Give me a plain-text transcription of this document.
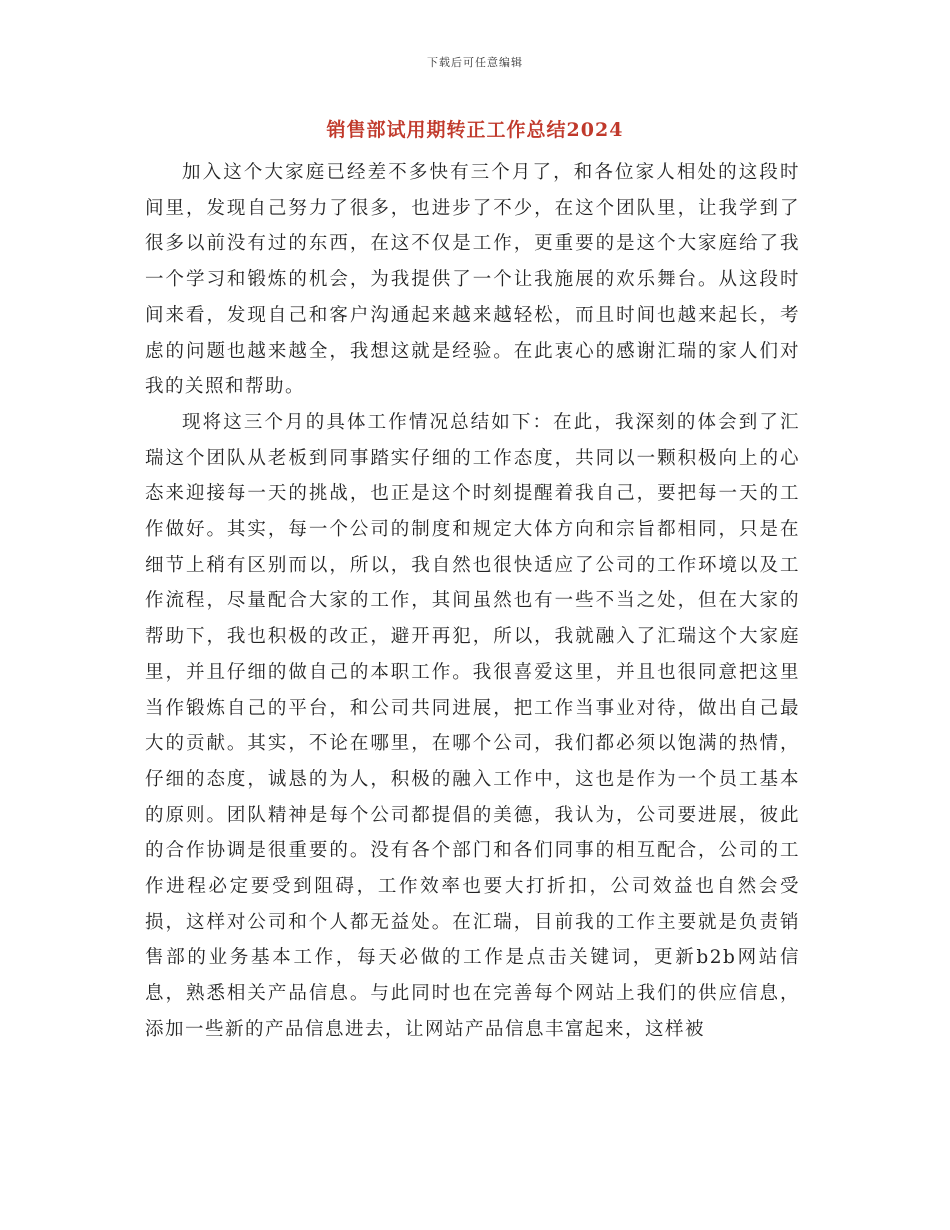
下载后可任意编辑
销售部试用期转正工作总结2024

加入这个大家庭已经差不多快有三个月了，和各位家人相处的这段时间里，发现自己努力了很多，也进步了不少，在这个团队里，让我学到了很多以前没有过的东西，在这不仅是工作，更重要的是这个大家庭给了我一个学习和锻炼的机会，为我提供了一个让我施展的欢乐舞台。从这段时间来看，发现自己和客户沟通起来越来越轻松，而且时间也越来起长，考虑的问题也越来越全，我想这就是经验。在此衷心的感谢汇瑞的家人们对我的关照和帮助。

现将这三个月的具体工作情况总结如下：在此，我深刻的体会到了汇瑞这个团队从老板到同事踏实仔细的工作态度，共同以一颗积极向上的心态来迎接每一天的挑战，也正是这个时刻提醒着我自己，要把每一天的工作做好。其实，每一个公司的制度和规定大体方向和宗旨都相同，只是在细节上稍有区别而以，所以，我自然也很快适应了公司的工作环境以及工作流程，尽量配合大家的工作，其间虽然也有一些不当之处，但在大家的帮助下，我也积极的改正，避开再犯，所以，我就融入了汇瑞这个大家庭里，并且仔细的做自己的本职工作。我很喜爱这里，并且也很同意把这里当作锻炼自己的平台，和公司共同进展，把工作当事业对待，做出自己最大的贡献。其实，不论在哪里，在哪个公司，我们都必须以饱满的热情，仔细的态度，诚恳的为人，积极的融入工作中，这也是作为一个员工基本的原则。团队精神是每个公司都提倡的美德，我认为，公司要进展，彼此的合作协调是很重要的。没有各个部门和各们同事的相互配合，公司的工作进程必定要受到阻碍，工作效率也要大打折扣，公司效益也自然会受损，这样对公司和个人都无益处。在汇瑞，目前我的工作主要就是负责销售部的业务基本工作，每天必做的工作是点击关键词，更新b2b网站信息，熟悉相关产品信息。与此同时也在完善每个网站上我们的供应信息，添加一些新的产品信息进去，让网站产品信息丰富起来，这样被
